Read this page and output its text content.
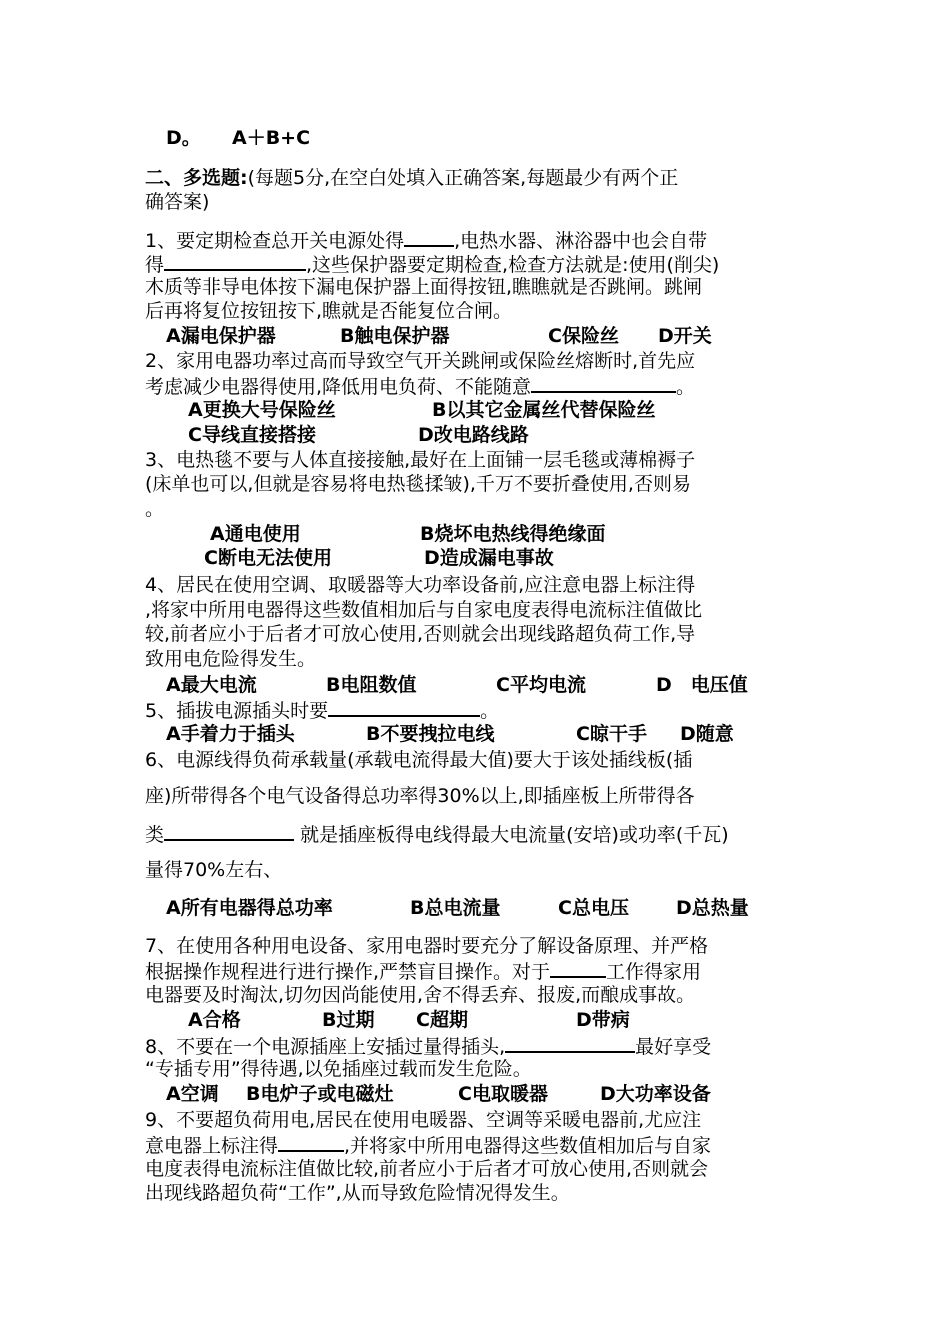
D。 A＋B+C
二、多选题:(每题5分,在空白处填入正确答案,每题最少有两个正
确答案)
1、要定期检查总开关电源处得	,电热水器、淋浴器中也会自带
得	,这些保护器要定期检查,检查方法就是:使用(削尖)
木质等非导电体按下漏电保护器上面得按钮,瞧瞧就是否跳闸。跳闸
后再将复位按钮按下,瞧就是否能复位合闸。
A漏电保护器	B触电保护器	C保险丝 D开关
2、家用电器功率过高而导致空气开关跳闸或保险丝熔断时,首先应
考虑减少电器得使用,降低用电负荷、不能随意	。
A更换大号保险丝	B以其它金属丝代替保险丝
C导线直接搭接	D改电路线路
3、电热毯不要与人体直接接触,最好在上面铺一层毛毯或薄棉褥子
(床单也可以,但就是容易将电热毯揉皱),千万不要折叠使用,否则易
。
A通电使用	B烧坏电热线得绝缘面
C断电无法使用	D造成漏电事故
4、居民在使用空调、取暖器等大功率设备前,应注意电器上标注得
,将家中所用电器得这些数值相加后与自家电度表得电流标注值做比
较,前者应小于后者才可放心使用,否则就会出现线路超负荷工作,导
致用电危险得发生。
A最大电流	B电阻数值	C平均电流	D　电压值
5、插拔电源插头时要	。
A手着力于插头	B不要拽拉电线	C晾干手 D随意
6、电源线得负荷承载量(承载电流得最大值)要大于该处插线板(插
座)所带得各个电气设备得总功率得30%以上,即插座板上所带得各
类	就是插座板得电线得最大电流量(安培)或功率(千瓦)
量得70%左右、
A所有电器得总功率	B总电流量	C总电压 D总热量
7、在使用各种用电设备、家用电器时要充分了解设备原理、并严格
根据操作规程进行进行操作,严禁盲目操作。对于	工作得家用
电器要及时淘汰,切勿因尚能使用,舍不得丢弃、报废,而酿成事故。
A合格	B过期 C超期	D带病
8、不要在一个电源插座上安插过量得插头,	最好享受
“专插专用”得待遇,以免插座过载而发生危险。
A空调 B电炉子或电磁灶	C电取暖器	D大功率设备
9、不要超负荷用电,居民在使用电暖器、空调等采暖电器前,尤应注
意电器上标注得	,并将家中所用电器得这些数值相加后与自家
电度表得电流标注值做比较,前者应小于后者才可放心使用,否则就会
出现线路超负荷“工作”,从而导致危险情况得发生。
